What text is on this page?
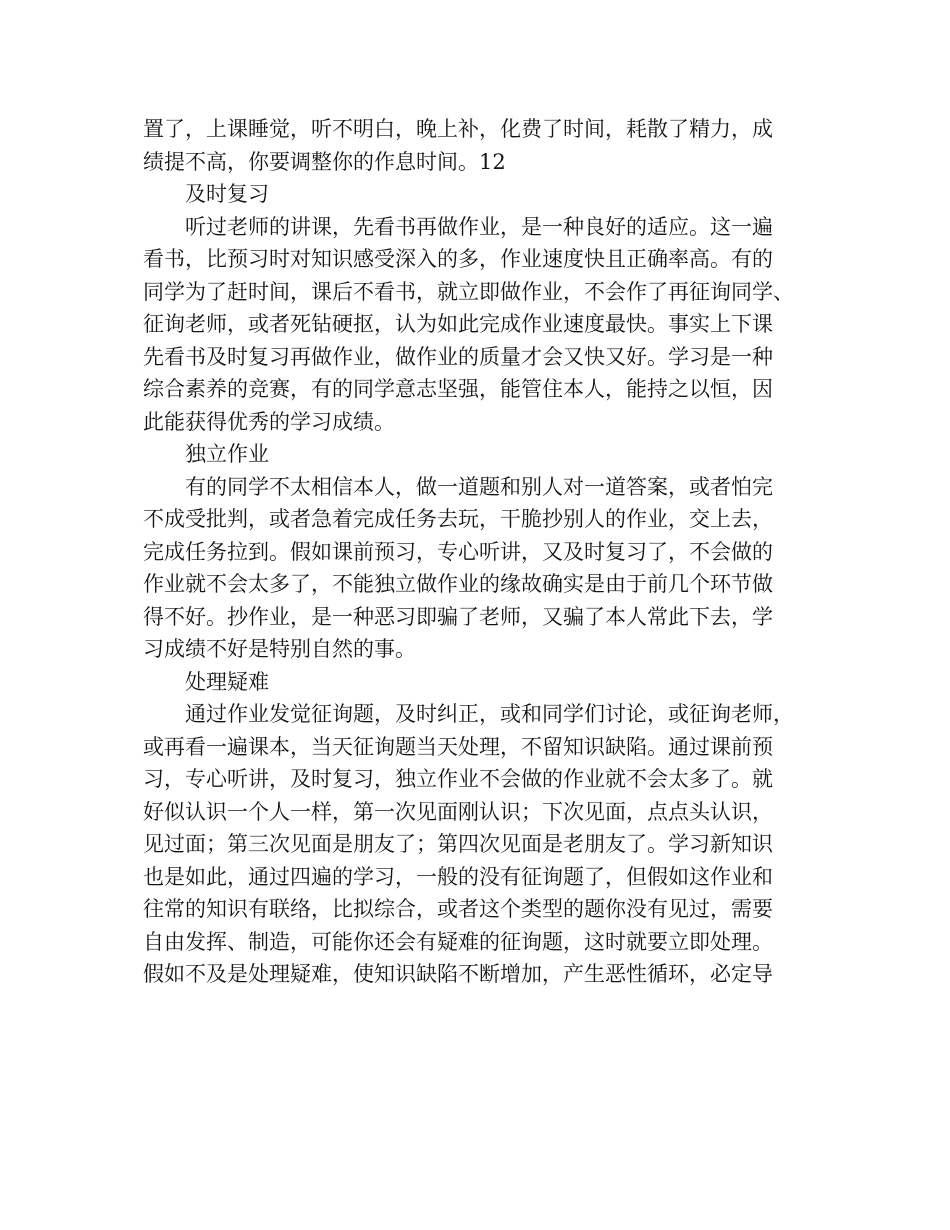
置了，上课睡觉，听不明白，晚上补，化费了时间，耗散了精力，成
绩提不高，你要调整你的作息时间。12
及时复习
听过老师的讲课，先看书再做作业，是一种良好的适应。这一遍
看书，比预习时对知识感受深入的多，作业速度快且正确率高。有的
同学为了赶时间，课后不看书，就立即做作业，不会作了再征询同学、
征询老师，或者死钻硬抠，认为如此完成作业速度最快。事实上下课
先看书及时复习再做作业，做作业的质量才会又快又好。学习是一种
综合素养的竞赛，有的同学意志坚强，能管住本人，能持之以恒，因
此能获得优秀的学习成绩。
独立作业
有的同学不太相信本人，做一道题和别人对一道答案，或者怕完
不成受批判，或者急着完成任务去玩，干脆抄别人的作业，交上去，
完成任务拉到。假如课前预习，专心听讲，又及时复习了，不会做的
作业就不会太多了，不能独立做作业的缘故确实是由于前几个环节做
得不好。抄作业，是一种恶习即骗了老师，又骗了本人常此下去，学
习成绩不好是特别自然的事。
处理疑难
通过作业发觉征询题，及时纠正，或和同学们讨论，或征询老师，
或再看一遍课本，当天征询题当天处理，不留知识缺陷。通过课前预
习，专心听讲，及时复习，独立作业不会做的作业就不会太多了。就
好似认识一个人一样，第一次见面刚认识；下次见面，点点头认识，
见过面；第三次见面是朋友了；第四次见面是老朋友了。学习新知识
也是如此，通过四遍的学习，一般的没有征询题了，但假如这作业和
往常的知识有联络，比拟综合，或者这个类型的题你没有见过，需要
自由发挥、制造，可能你还会有疑难的征询题，这时就要立即处理。
假如不及是处理疑难，使知识缺陷不断增加，产生恶性循环，必定导
